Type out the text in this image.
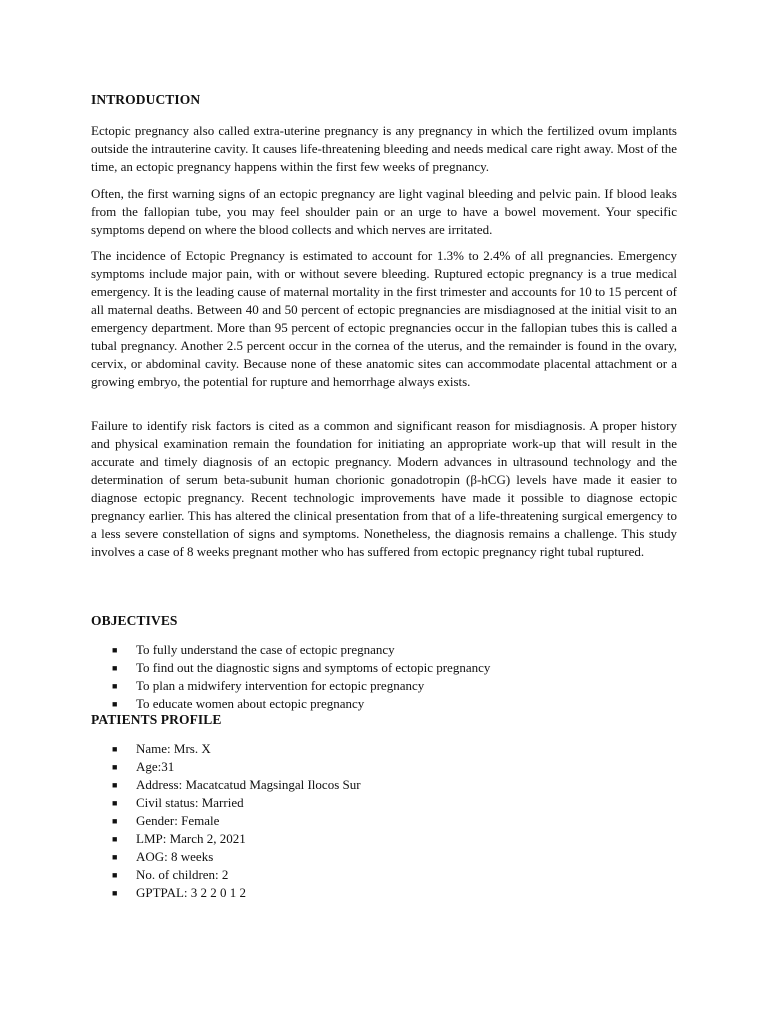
INTRODUCTION

Ectopic pregnancy also called extra-uterine pregnancy is any pregnancy in which the fertilized ovum implants outside the intrauterine cavity. It causes life-threatening bleeding and needs medical care right away. Most of the time, an ectopic pregnancy happens within the first few weeks of pregnancy.

Often, the first warning signs of an ectopic pregnancy are light vaginal bleeding and pelvic pain. If blood leaks from the fallopian tube, you may feel shoulder pain or an urge to have a bowel movement. Your specific symptoms depend on where the blood collects and which nerves are irritated.

The incidence of Ectopic Pregnancy is estimated to account for 1.3% to 2.4% of all pregnancies. Emergency symptoms include major pain, with or without severe bleeding. Ruptured ectopic pregnancy is a true medical emergency. It is the leading cause of maternal mortality in the first trimester and accounts for 10 to 15 percent of all maternal deaths. Between 40 and 50 percent of ectopic pregnancies are misdiagnosed at the initial visit to an emergency department. More than 95 percent of ectopic pregnancies occur in the fallopian tubes this is called a tubal pregnancy. Another 2.5 percent occur in the cornea of the uterus, and the remainder is found in the ovary, cervix, or abdominal cavity. Because none of these anatomic sites can accommodate placental attachment or a growing embryo, the potential for rupture and hemorrhage always exists.

Failure to identify risk factors is cited as a common and significant reason for misdiagnosis. A proper history and physical examination remain the foundation for initiating an appropriate work-up that will result in the accurate and timely diagnosis of an ectopic pregnancy. Modern advances in ultrasound technology and the determination of serum beta-subunit human chorionic gonadotropin (β-hCG) levels have made it easier to diagnose ectopic pregnancy. Recent technologic improvements have made it possible to diagnose ectopic pregnancy earlier. This has altered the clinical presentation from that of a life-threatening surgical emergency to a less severe constellation of signs and symptoms. Nonetheless, the diagnosis remains a challenge. This study involves a case of 8 weeks pregnant mother who has suffered from ectopic pregnancy right tubal ruptured.

OBJECTIVES
■ To fully understand the case of ectopic pregnancy
■ To find out the diagnostic signs and symptoms of ectopic pregnancy
■ To plan a midwifery intervention for ectopic pregnancy
■ To educate women about ectopic pregnancy
PATIENTS PROFILE
■ Name: Mrs. X
■ Age:31
■ Address: Macatcatud Magsingal Ilocos Sur
■ Civil status: Married
■ Gender: Female
■ LMP: March 2, 2021
■ AOG: 8 weeks
■ No. of children: 2
■ GPTPAL: 3 2 2 0 1 2
